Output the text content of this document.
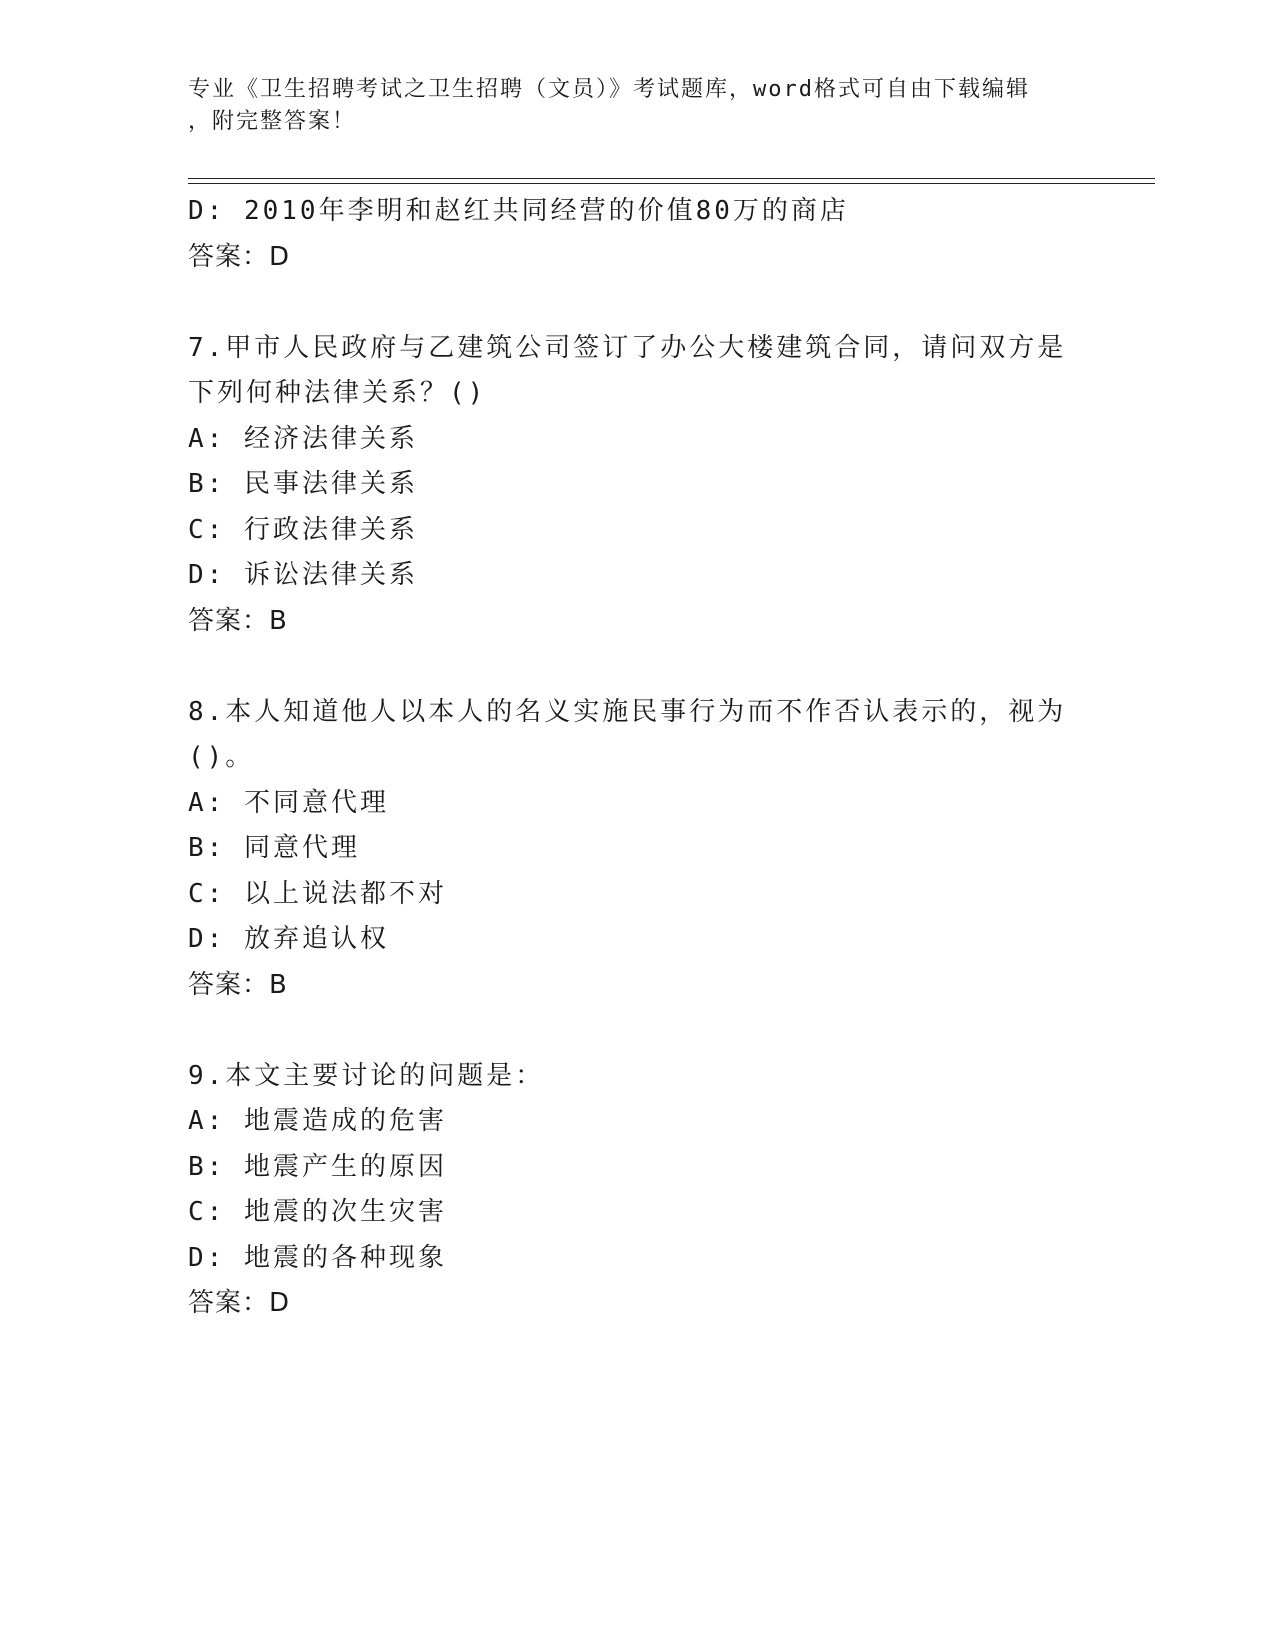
专业《卫生招聘考试之卫生招聘（文员）》考试题库，word格式可自由下载编辑
，附完整答案！
D: 2010年李明和赵红共同经营的价值80万的商店
答案：D
7.甲市人民政府与乙建筑公司签订了办公大楼建筑合同，请问双方是
下列何种法律关系？()
A: 经济法律关系
B: 民事法律关系
C: 行政法律关系
D: 诉讼法律关系
答案：B
8.本人知道他人以本人的名义实施民事行为而不作否认表示的，视为
()。
A: 不同意代理
B: 同意代理
C: 以上说法都不对
D: 放弃追认权
答案：B
9.本文主要讨论的问题是：
A: 地震造成的危害
B: 地震产生的原因
C: 地震的次生灾害
D: 地震的各种现象
答案：D
